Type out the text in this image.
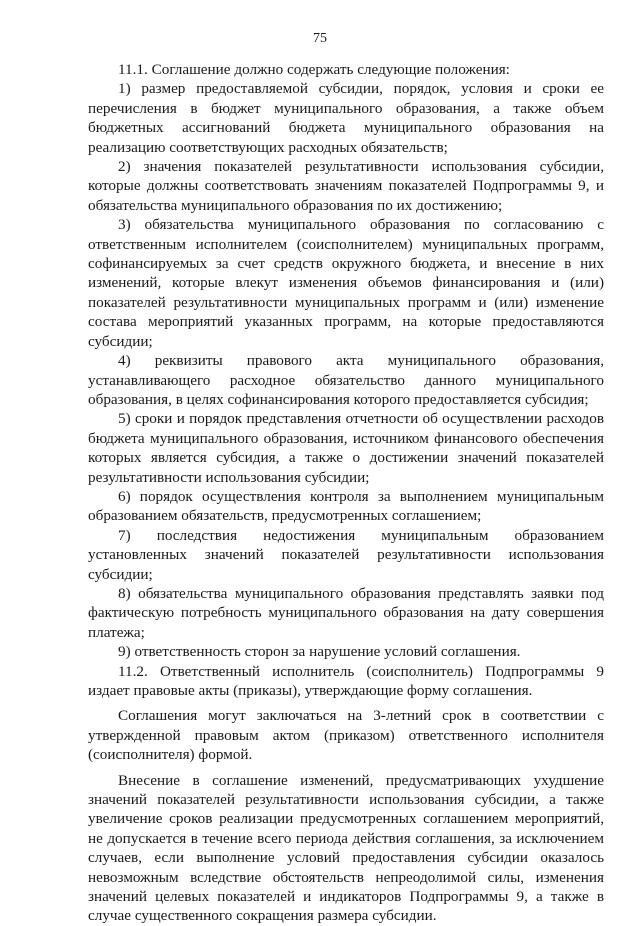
75

11.1. Соглашение должно содержать следующие положения:

1) размер предоставляемой субсидии, порядок, условия и сроки ее перечисления в бюджет муниципального образования, а также объем бюджетных ассигнований бюджета муниципального образования на реализацию соответствующих расходных обязательств;

2) значения показателей результативности использования субсидии, которые должны соответствовать значениям показателей Подпрограммы 9, и обязательства муниципального образования по их достижению;

3) обязательства муниципального образования по согласованию с ответственным исполнителем (соисполнителем) муниципальных программ, софинансируемых за счет средств окружного бюджета, и внесение в них изменений, которые влекут изменения объемов финансирования и (или) показателей результативности муниципальных программ и (или) изменение состава мероприятий указанных программ, на которые предоставляются субсидии;

4) реквизиты правового акта муниципального образования, устанавливающего расходное обязательство данного муниципального образования, в целях софинансирования которого предоставляется субсидия;

5) сроки и порядок представления отчетности об осуществлении расходов бюджета муниципального образования, источником финансового обеспечения которых является субсидия, а также о достижении значений показателей результативности использования субсидии;

6) порядок осуществления контроля за выполнением муниципальным образованием обязательств, предусмотренных соглашением;

7) последствия недостижения муниципальным образованием установленных значений показателей результативности использования субсидии;

8) обязательства муниципального образования представлять заявки под фактическую потребность муниципального образования на дату совершения платежа;

9) ответственность сторон за нарушение условий соглашения.

11.2. Ответственный исполнитель (соисполнитель) Подпрограммы 9 издает правовые акты (приказы), утверждающие форму соглашения.

Соглашения могут заключаться на 3-летний срок в соответствии с утвержденной правовым актом (приказом) ответственного исполнителя (соисполнителя) формой.

Внесение в соглашение изменений, предусматривающих ухудшение значений показателей результативности использования субсидии, а также увеличение сроков реализации предусмотренных соглашением мероприятий, не допускается в течение всего периода действия соглашения, за исключением случаев, если выполнение условий предоставления субсидии оказалось невозможным вследствие обстоятельств непреодолимой силы, изменения значений целевых показателей и индикаторов Подпрограммы 9, а также в случае существенного сокращения размера субсидии.
